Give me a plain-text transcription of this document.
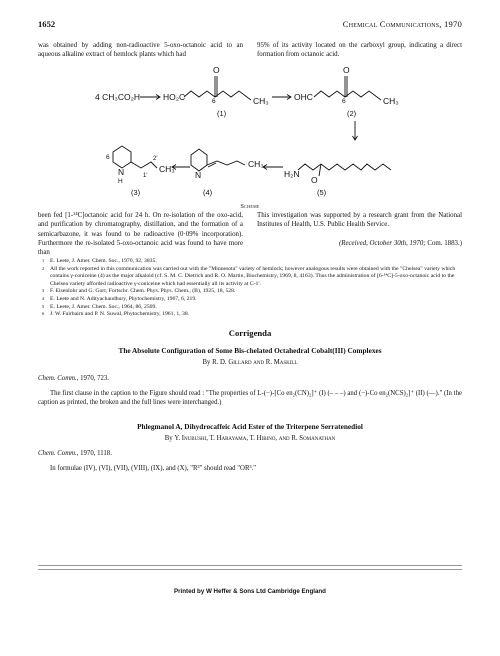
1652	Chemical Communications, 1970
was obtained by adding non-radioactive 5-oxo-octanoic acid to an aqueous alkaline extract of hemlock plants which had
95% of its activity located on the carboxyl group, indicating a direct formation from octanoic acid.
4 CH₃CO₂H	HO₂C	OHC
CH₃	CH₃
O	O
O
H₂N
N
N
H
CH₃	CH₃
6
6	6
2′
1′
(1)	(2)
(3)	(4)	(5)
Scheme
been fed [1-¹⁴C]octanoic acid for 24 h. On re-isolation of the oxo-acid, and purification by chromatography, distillation, and the formation of a semicarbazone, it was found to be radioactive (0·09% incorporation). Furthermore the re-isolated 5-oxo-octanoic acid was found to have more than
This investigation was supported by a research grant from the National Institutes of Health, U.S. Public Health Service.
(Received, October 30th, 1970; Com. 1883.)
1 E. Leete, J. Amer. Chem. Soc., 1970, 92, 3835.
2 All the work reported in this communication was carried out with the "Minnesota" variety of hemlock; however analogous results were obtained with the "Chelsea" variety which contains γ-coniceine (4) as the major alkaloid (cf. S. M. C. Dietrich and R. O. Martin, Biochemistry, 1969, 8, 4163). Thus the administration of [6-¹⁴C]-5-oxo-octanoic acid to the Chelsea variety afforded radioactive γ-coniceine which had essentially all its activity at C-1′.
3 F. Eisenlohr and G. Gorr, Fortschr. Chem. Phys. Phys. Chem., (B), 1925, 18, 528.
4 E. Leete and N. Adityachaudhury, Phytochemistry, 1967, 6, 219.
5 E. Leete, J. Amer. Chem. Soc., 1964, 86, 2509.
6 J. W. Fairbairn and P. N. Suwal, Phytochemistry, 1961, 1, 38.
Corrigenda
The Absolute Configuration of Some Bis-chelated Octahedral Cobalt(III) Complexes
By R. D. Gillard and R. Maskill
Chem. Comm., 1970, 723.
The first clause in the caption to the Figure should read : "The properties of L-(−)-[Co en₂(CN)₂]⁺ (I) (– – –) and (−)-Co en₂(NCS)₂]⁺ (II) (—)." (In the caption as printed, the broken and the full lines were interchanged.)
Phlegmanol A, Dihydrocaffeic Acid Ester of the Triterpene Serratenediol
By Y. Inubushi, T. Harayama, T. Hibino, and R. Somanathan
Chem. Comm., 1970, 1118.
In formulae (IV), (VI), (VII), (VIII), (IX), and (X), "R³" should read "OR³."
Printed by W Heffer & Sons Ltd Cambridge England
